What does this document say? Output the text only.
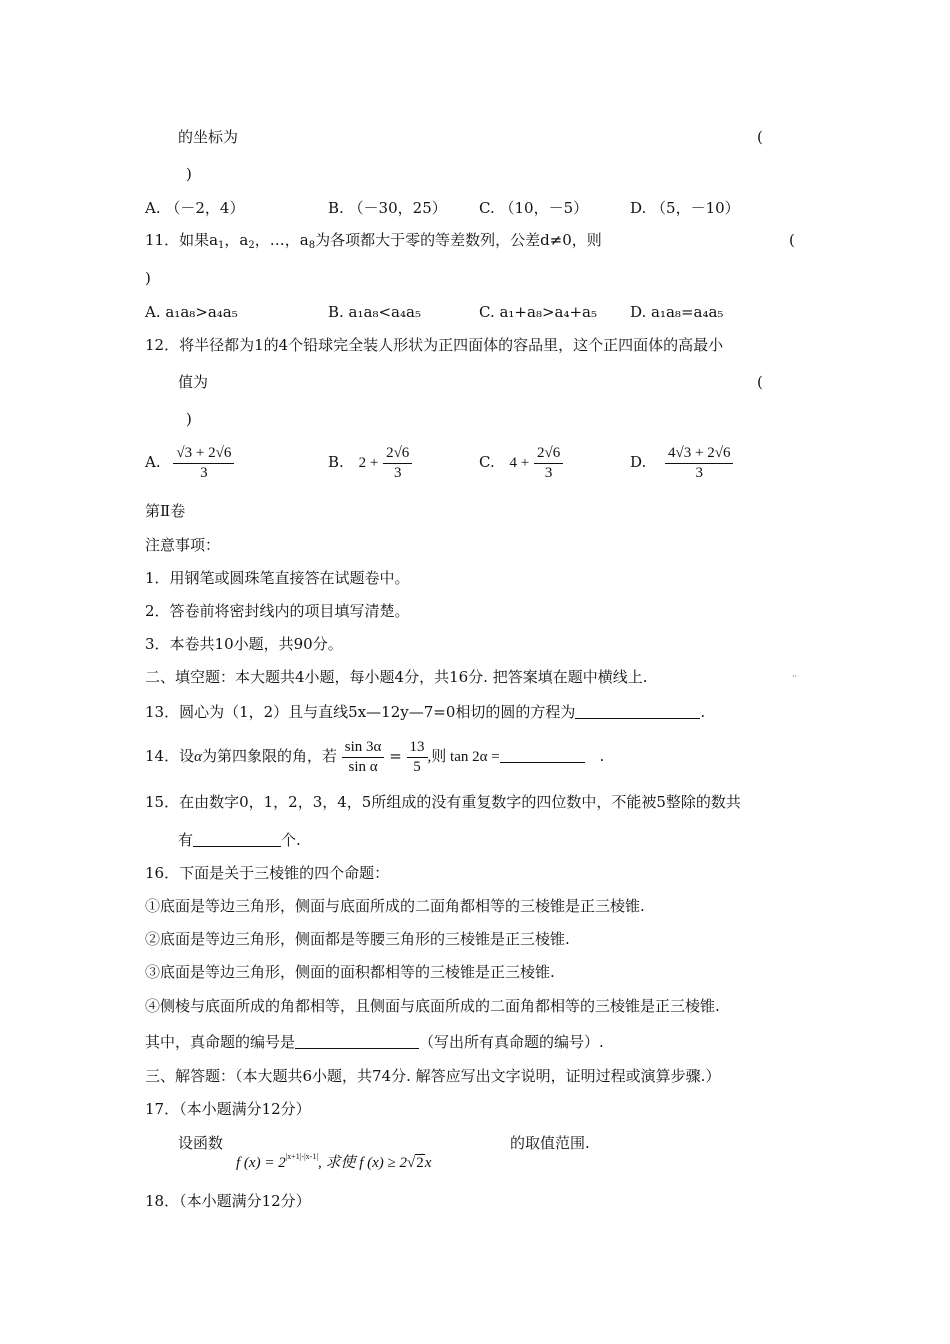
的坐标为	(
)
A. （－2，4）	B. （－30，25） C. （10，－5）	D. （5，－10）
11．如果$a_1$，$a_2$，…，$a_8$为各项都大于零的等差数列，公差d≠0，则	(
)
A. a₁a₈>a₄a₅	B. a₁a₈<a₄a₅	C. a₁+a₈>a₄+a₅ D. a₁a₈=a₄a₅
12．将半径都为1的4个铅球完全装人形状为正四面体的容品里，这个正四面体的高最小
值为	(
)
A. $\frac{√3 + 2√6}{3}$	B. $2 + \frac{2√6}{3}$	C. $4 + \frac{2√6}{3}$	D. $\frac{4√3 + 2√6}{3}$
第Ⅱ卷
注意事项：
1．用钢笔或圆珠笔直接答在试题卷中。
2．答卷前将密封线内的项目填写清楚。
3．本卷共10小题，共90分。
二、填空题：本大题共4小题，每小题4分，共16分. 把答案填在题中横线上.	··
13．圆心为（1，2）且与直线5x—12y—7=0相切的圆的方程为	.
14．设α为第四象限的角，若 $\frac{\sin 3\alpha}{\text{sin α}} = \frac{13}{5}$ ,则 tan 2α =	.
15．在由数字0，1，2，3，4，5所组成的没有重复数字的四位数中，不能被5整除的数共
有	个.
16．下面是关于三棱锥的四个命题：
①底面是等边三角形，侧面与底面所成的二面角都相等的三棱锥是正三棱锥.
②底面是等边三角形，侧面都是等腰三角形的三棱锥是正三棱锥.
③底面是等边三角形，侧面的面积都相等的三棱锥是正三棱锥.
④侧棱与底面所成的角都相等，且侧面与底面所成的二面角都相等的三棱锥是正三棱锥.
其中，真命题的编号是	（写出所有真命题的编号）.
三、解答题：（本大题共6小题，共74分. 解答应写出文字说明，证明过程或演算步骤.）
17．（本小题满分12分）
设函数
f $(x) = 2^{|x+1|-|x-1|}$, 求使 f (x) ≥ 2√2x
的取值范围.
18．（本小题满分12分）
